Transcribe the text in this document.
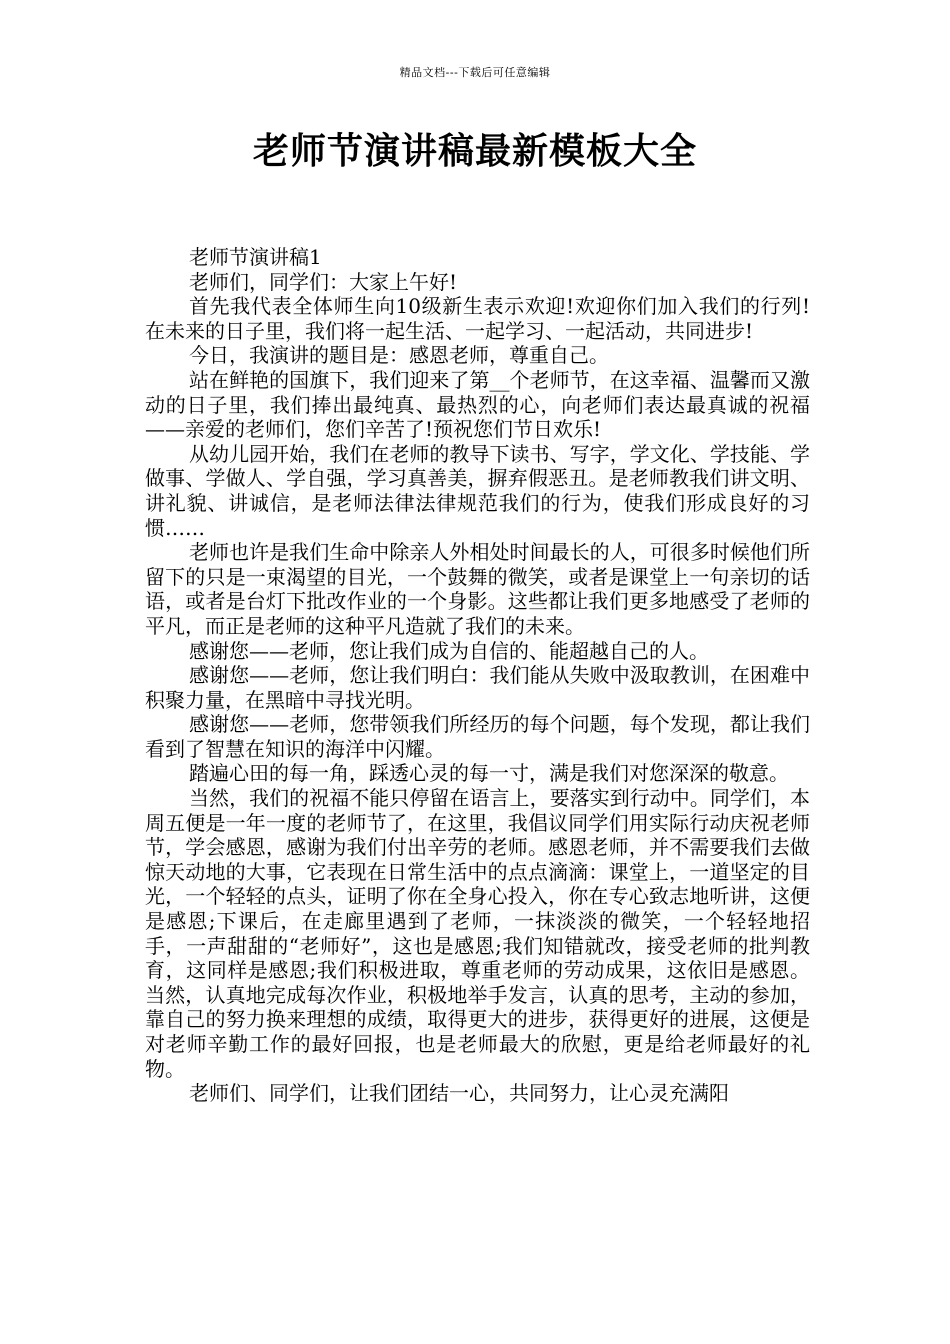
精品文档---下载后可任意编辑
老师节演讲稿最新模板大全

老师节演讲稿1

老师们，同学们：大家上午好!

首先我代表全体师生向10级新生表示欢迎!欢迎你们加入我们的行列!在未来的日子里，我们将一起生活、一起学习、一起活动，共同进步!

今日，我演讲的题目是：感恩老师，尊重自己。

站在鲜艳的国旗下，我们迎来了第__个老师节，在这幸福、温馨而又激动的日子里，我们捧出最纯真、最热烈的心，向老师们表达最真诚的祝福——亲爱的老师们，您们辛苦了!预祝您们节日欢乐!

从幼儿园开始，我们在老师的教导下读书、写字，学文化、学技能、学做事、学做人、学自强，学习真善美，摒弃假恶丑。是老师教我们讲文明、讲礼貌、讲诚信，是老师法律法律规范我们的行为，使我们形成良好的习惯……

老师也许是我们生命中除亲人外相处时间最长的人，可很多时候他们所留下的只是一束渴望的目光，一个鼓舞的微笑，或者是课堂上一句亲切的话语，或者是台灯下批改作业的一个身影。这些都让我们更多地感受了老师的平凡，而正是老师的这种平凡造就了我们的未来。

感谢您——老师，您让我们成为自信的、能超越自己的人。

感谢您——老师，您让我们明白：我们能从失败中汲取教训，在困难中积聚力量，在黑暗中寻找光明。

感谢您——老师，您带领我们所经历的每个问题，每个发现，都让我们看到了智慧在知识的海洋中闪耀。

踏遍心田的每一角，踩透心灵的每一寸，满是我们对您深深的敬意。

当然，我们的祝福不能只停留在语言上，要落实到行动中。同学们，本周五便是一年一度的老师节了，在这里，我倡议同学们用实际行动庆祝老师节，学会感恩，感谢为我们付出辛劳的老师。感恩老师，并不需要我们去做惊天动地的大事，它表现在日常生活中的点点滴滴：课堂上，一道坚定的目光，一个轻轻的点头，证明了你在全身心投入，你在专心致志地听讲，这便是感恩;下课后，在走廊里遇到了老师，一抹淡淡的微笑，一个轻轻地招手，一声甜甜的“老师好”，这也是感恩;我们知错就改，接受老师的批判教育，这同样是感恩;我们积极进取，尊重老师的劳动成果，这依旧是感恩。当然，认真地完成每次作业，积极地举手发言，认真的思考，主动的参加，靠自己的努力换来理想的成绩，取得更大的进步，获得更好的进展，这便是对老师辛勤工作的最好回报，也是老师最大的欣慰，更是给老师最好的礼物。

老师们、同学们，让我们团结一心，共同努力，让心灵充满阳
